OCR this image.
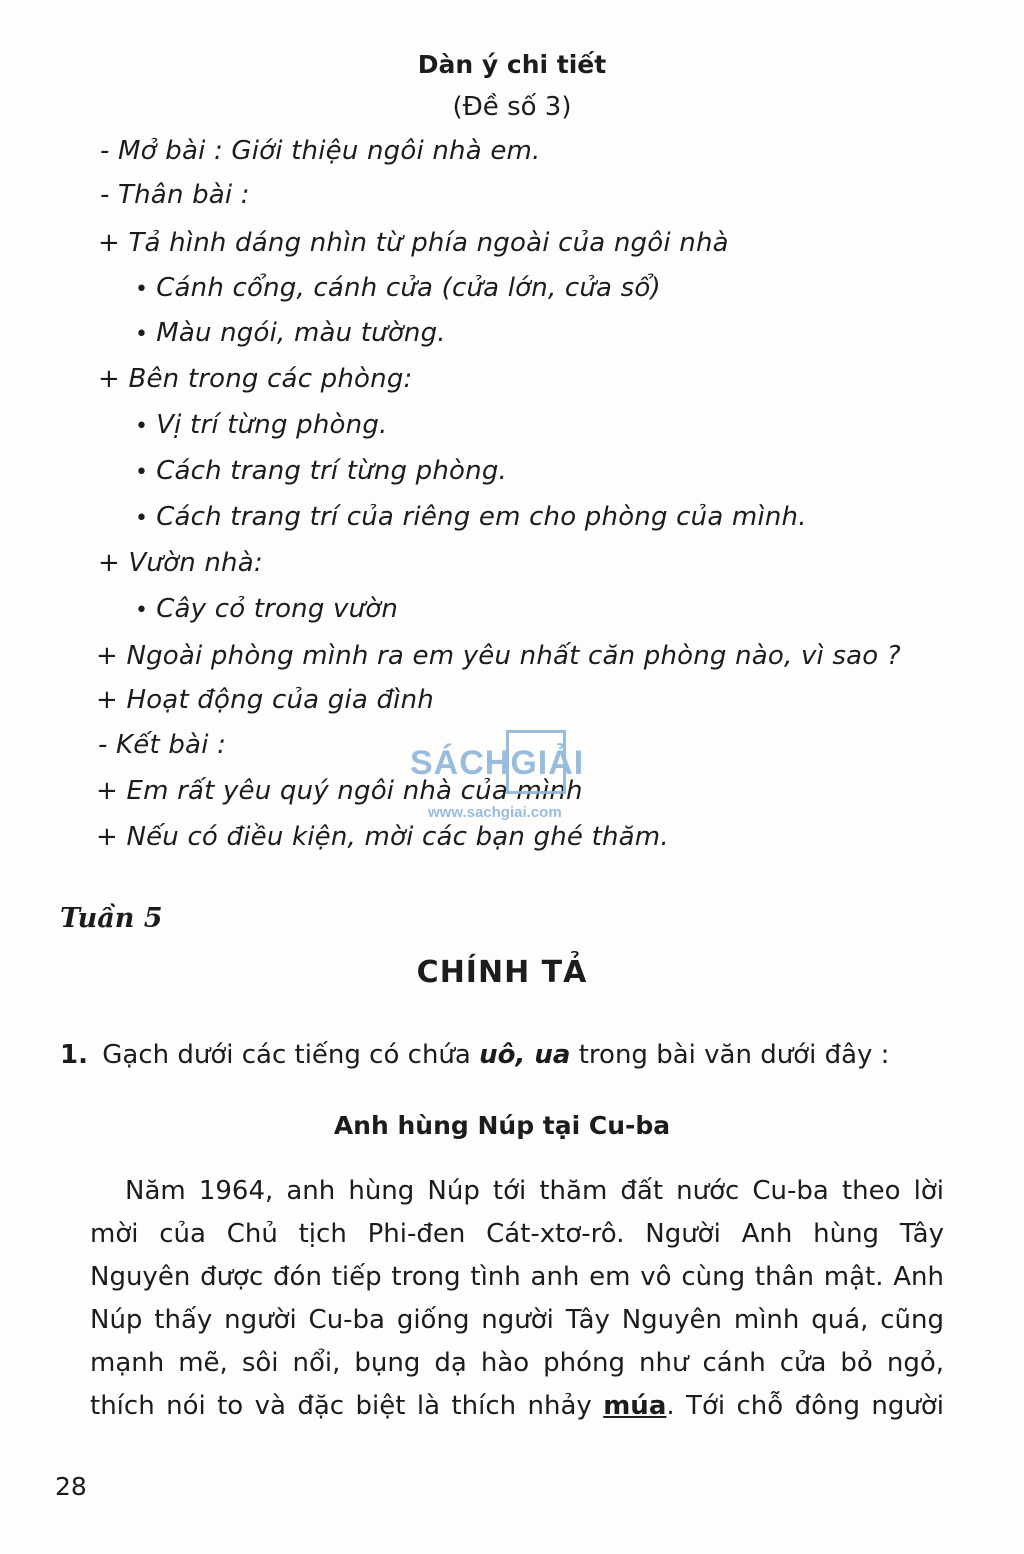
Dàn ý chi tiết
(Đề số 3)
- Mở bài : Giới thiệu ngôi nhà em.
- Thân bài :
+ Tả hình dáng nhìn từ phía ngoài của ngôi nhà
• Cánh cổng, cánh cửa (cửa lớn, cửa sổ)
• Màu ngói, màu tường.
+ Bên trong các phòng:
• Vị trí từng phòng.
• Cách trang trí từng phòng.
• Cách trang trí của riêng em cho phòng của mình.
+ Vườn nhà:
• Cây cỏ trong vườn
+ Ngoài phòng mình ra em yêu nhất căn phòng nào, vì sao ?
+ Hoạt động của gia đình
- Kết bài :
+ Em rất yêu quý ngôi nhà của mình
+ Nếu có điều kiện, mời các bạn ghé thăm.
SÁCHGIẢI
www.sachgiai.com
Tuần 5
CHÍNH TẢ
1. Gạch dưới các tiếng có chứa uô, ua trong bài văn dưới đây :
Anh hùng Núp tại Cu-ba
Năm 1964, anh hùng Núp tới thăm đất nước Cu-ba theo lời
mời của Chủ tịch Phi-đen Cát-xtơ-rô. Người Anh hùng Tây
Nguyên được đón tiếp trong tình anh em vô cùng thân mật. Anh
Núp thấy người Cu-ba giống người Tây Nguyên mình quá, cũng
mạnh mẽ, sôi nổi, bụng dạ hào phóng như cánh cửa bỏ ngỏ,
thích nói to và đặc biệt là thích nhảy múa. Tới chỗ đông người
28
